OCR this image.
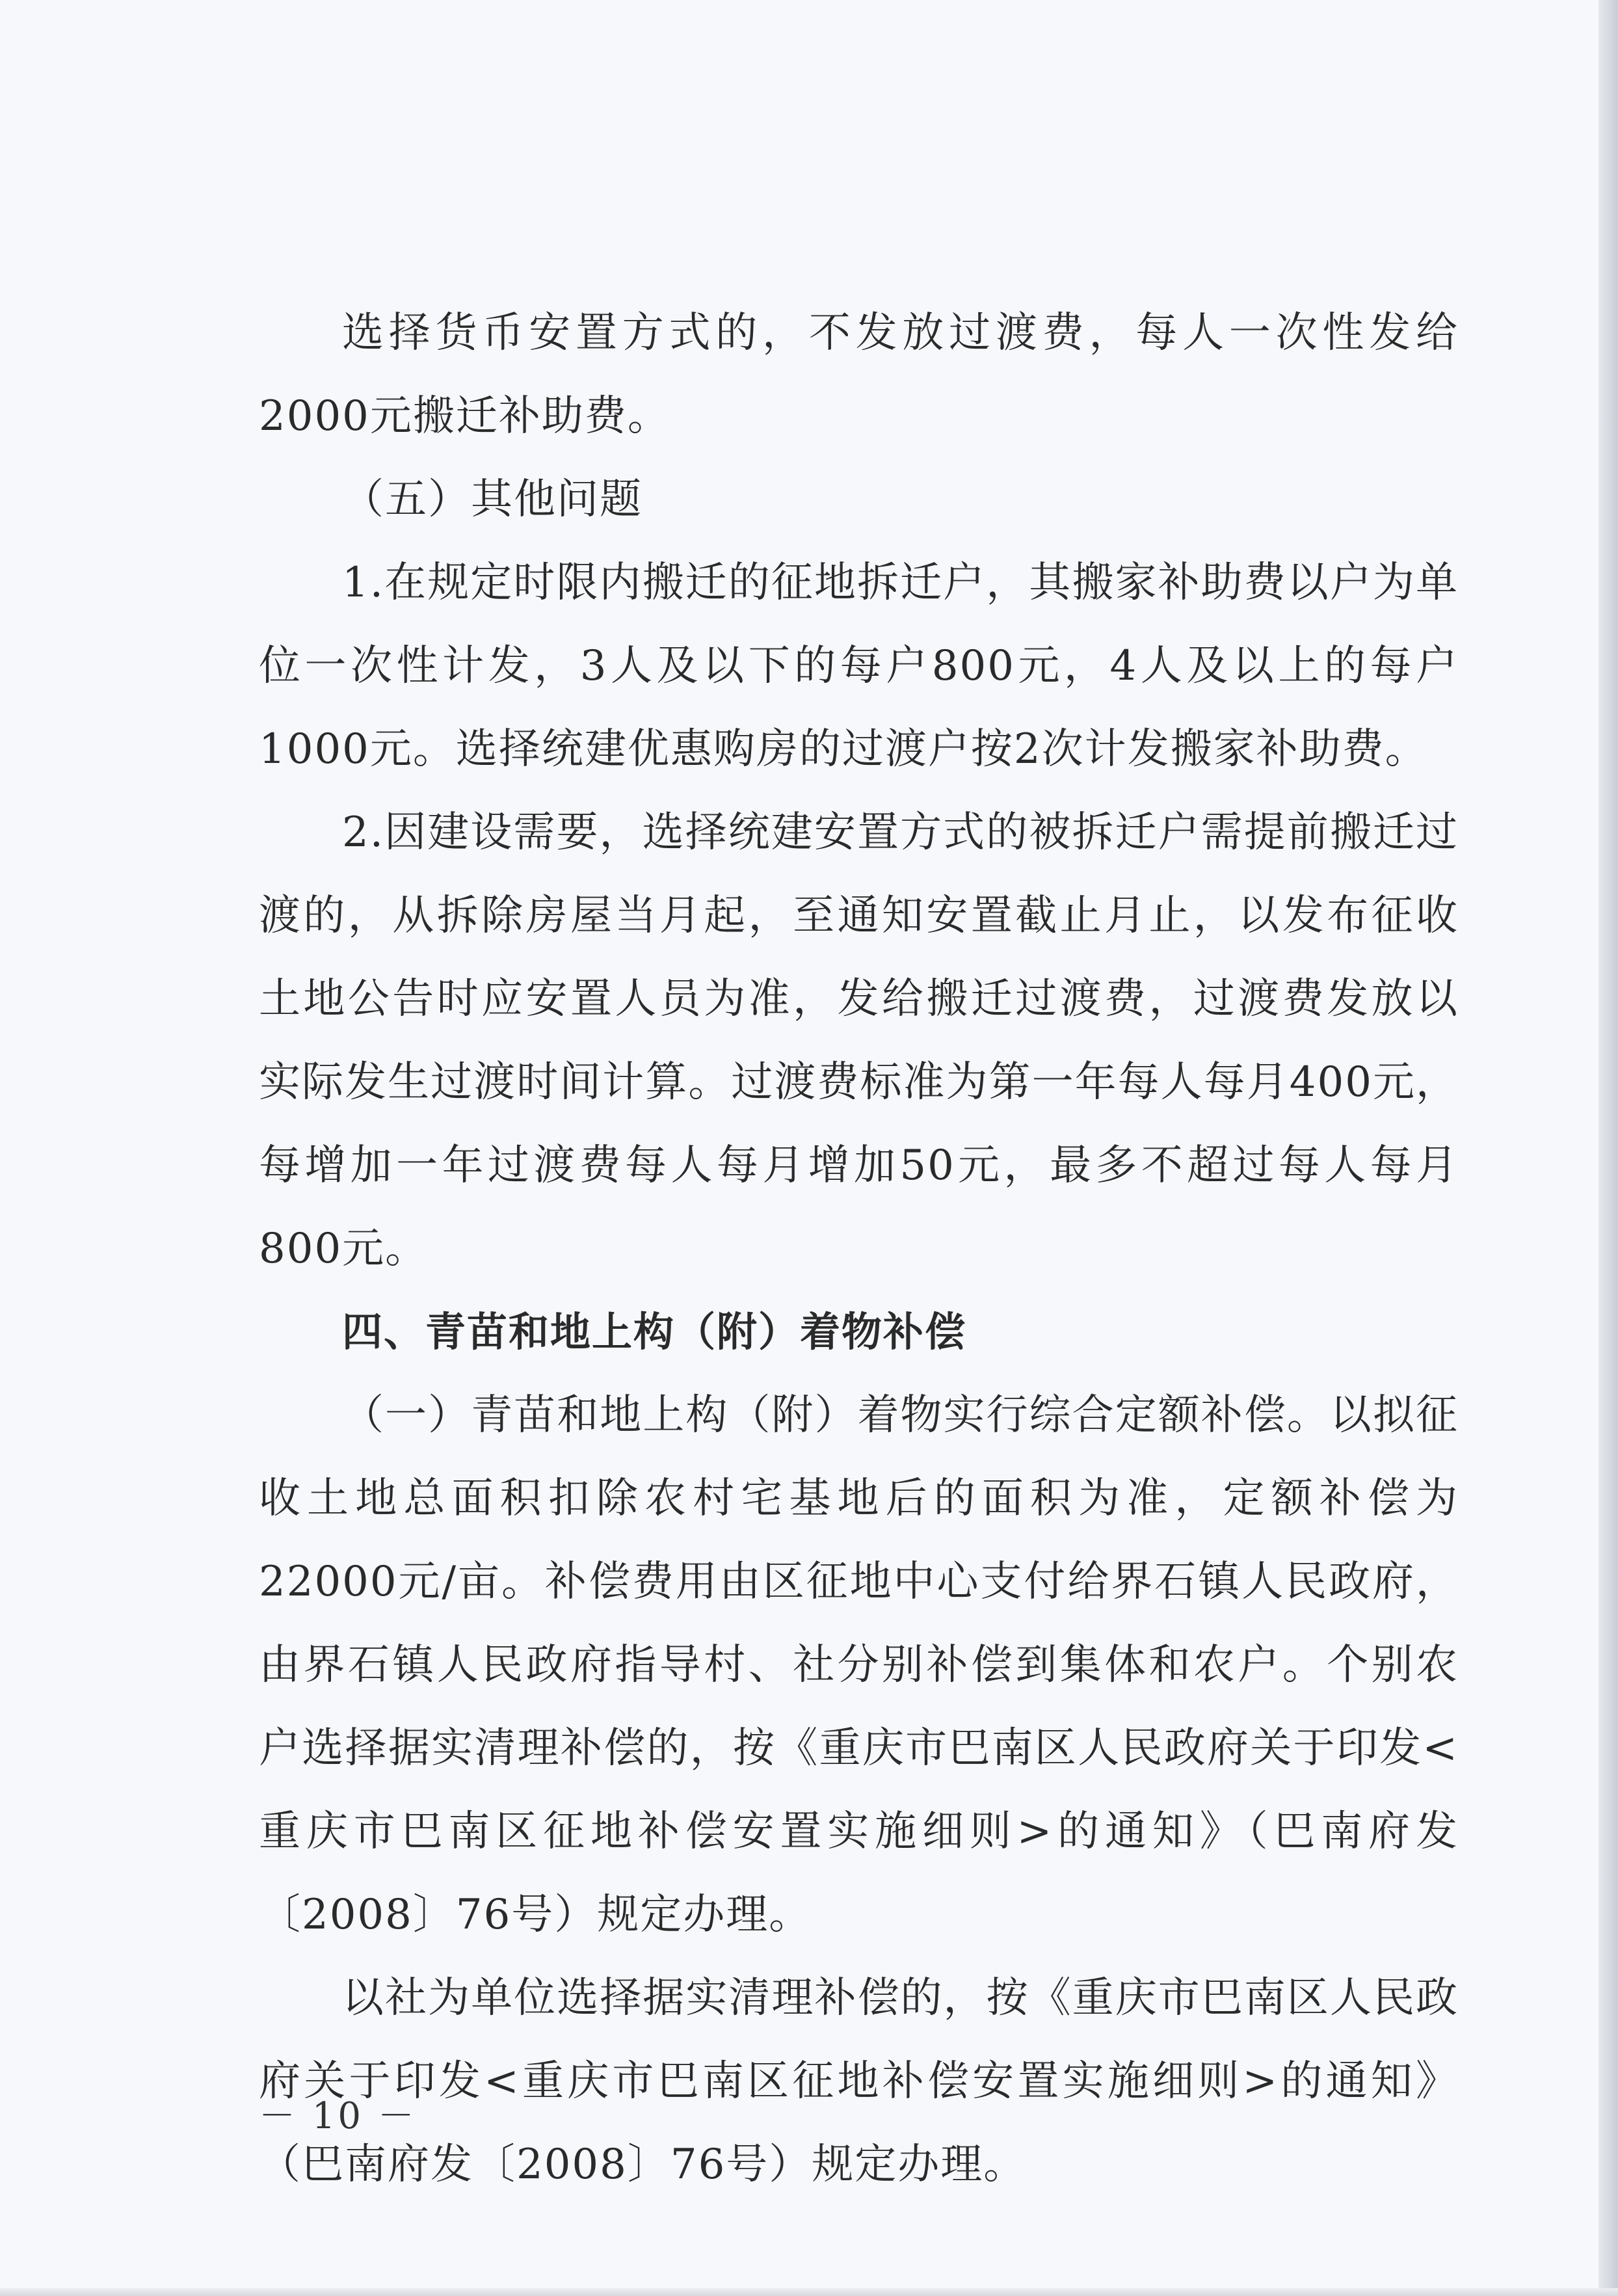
选择货币安置方式的，不发放过渡费，每人一次性发给2000元搬迁补助费。

（五）其他问题

1.在规定时限内搬迁的征地拆迁户，其搬家补助费以户为单位一次性计发，3人及以下的每户800元，4人及以上的每户1000元。选择统建优惠购房的过渡户按2次计发搬家补助费。

2.因建设需要，选择统建安置方式的被拆迁户需提前搬迁过渡的，从拆除房屋当月起，至通知安置截止月止，以发布征收土地公告时应安置人员为准，发给搬迁过渡费，过渡费发放以实际发生过渡时间计算。过渡费标准为第一年每人每月400元，每增加一年过渡费每人每月增加50元，最多不超过每人每月800元。

四、青苗和地上构（附）着物补偿

（一）青苗和地上构（附）着物实行综合定额补偿。以拟征收土地总面积扣除农村宅基地后的面积为准，定额补偿为22000元/亩。补偿费用由区征地中心支付给界石镇人民政府，由界石镇人民政府指导村、社分别补偿到集体和农户。个别农户选择据实清理补偿的，按《重庆市巴南区人民政府关于印发<重庆市巴南区征地补偿安置实施细则>的通知》（巴南府发〔2008〕76号）规定办理。

以社为单位选择据实清理补偿的，按《重庆市巴南区人民政府关于印发<重庆市巴南区征地补偿安置实施细则>的通知》（巴南府发〔2008〕76号）规定办理。

－ 10 －
